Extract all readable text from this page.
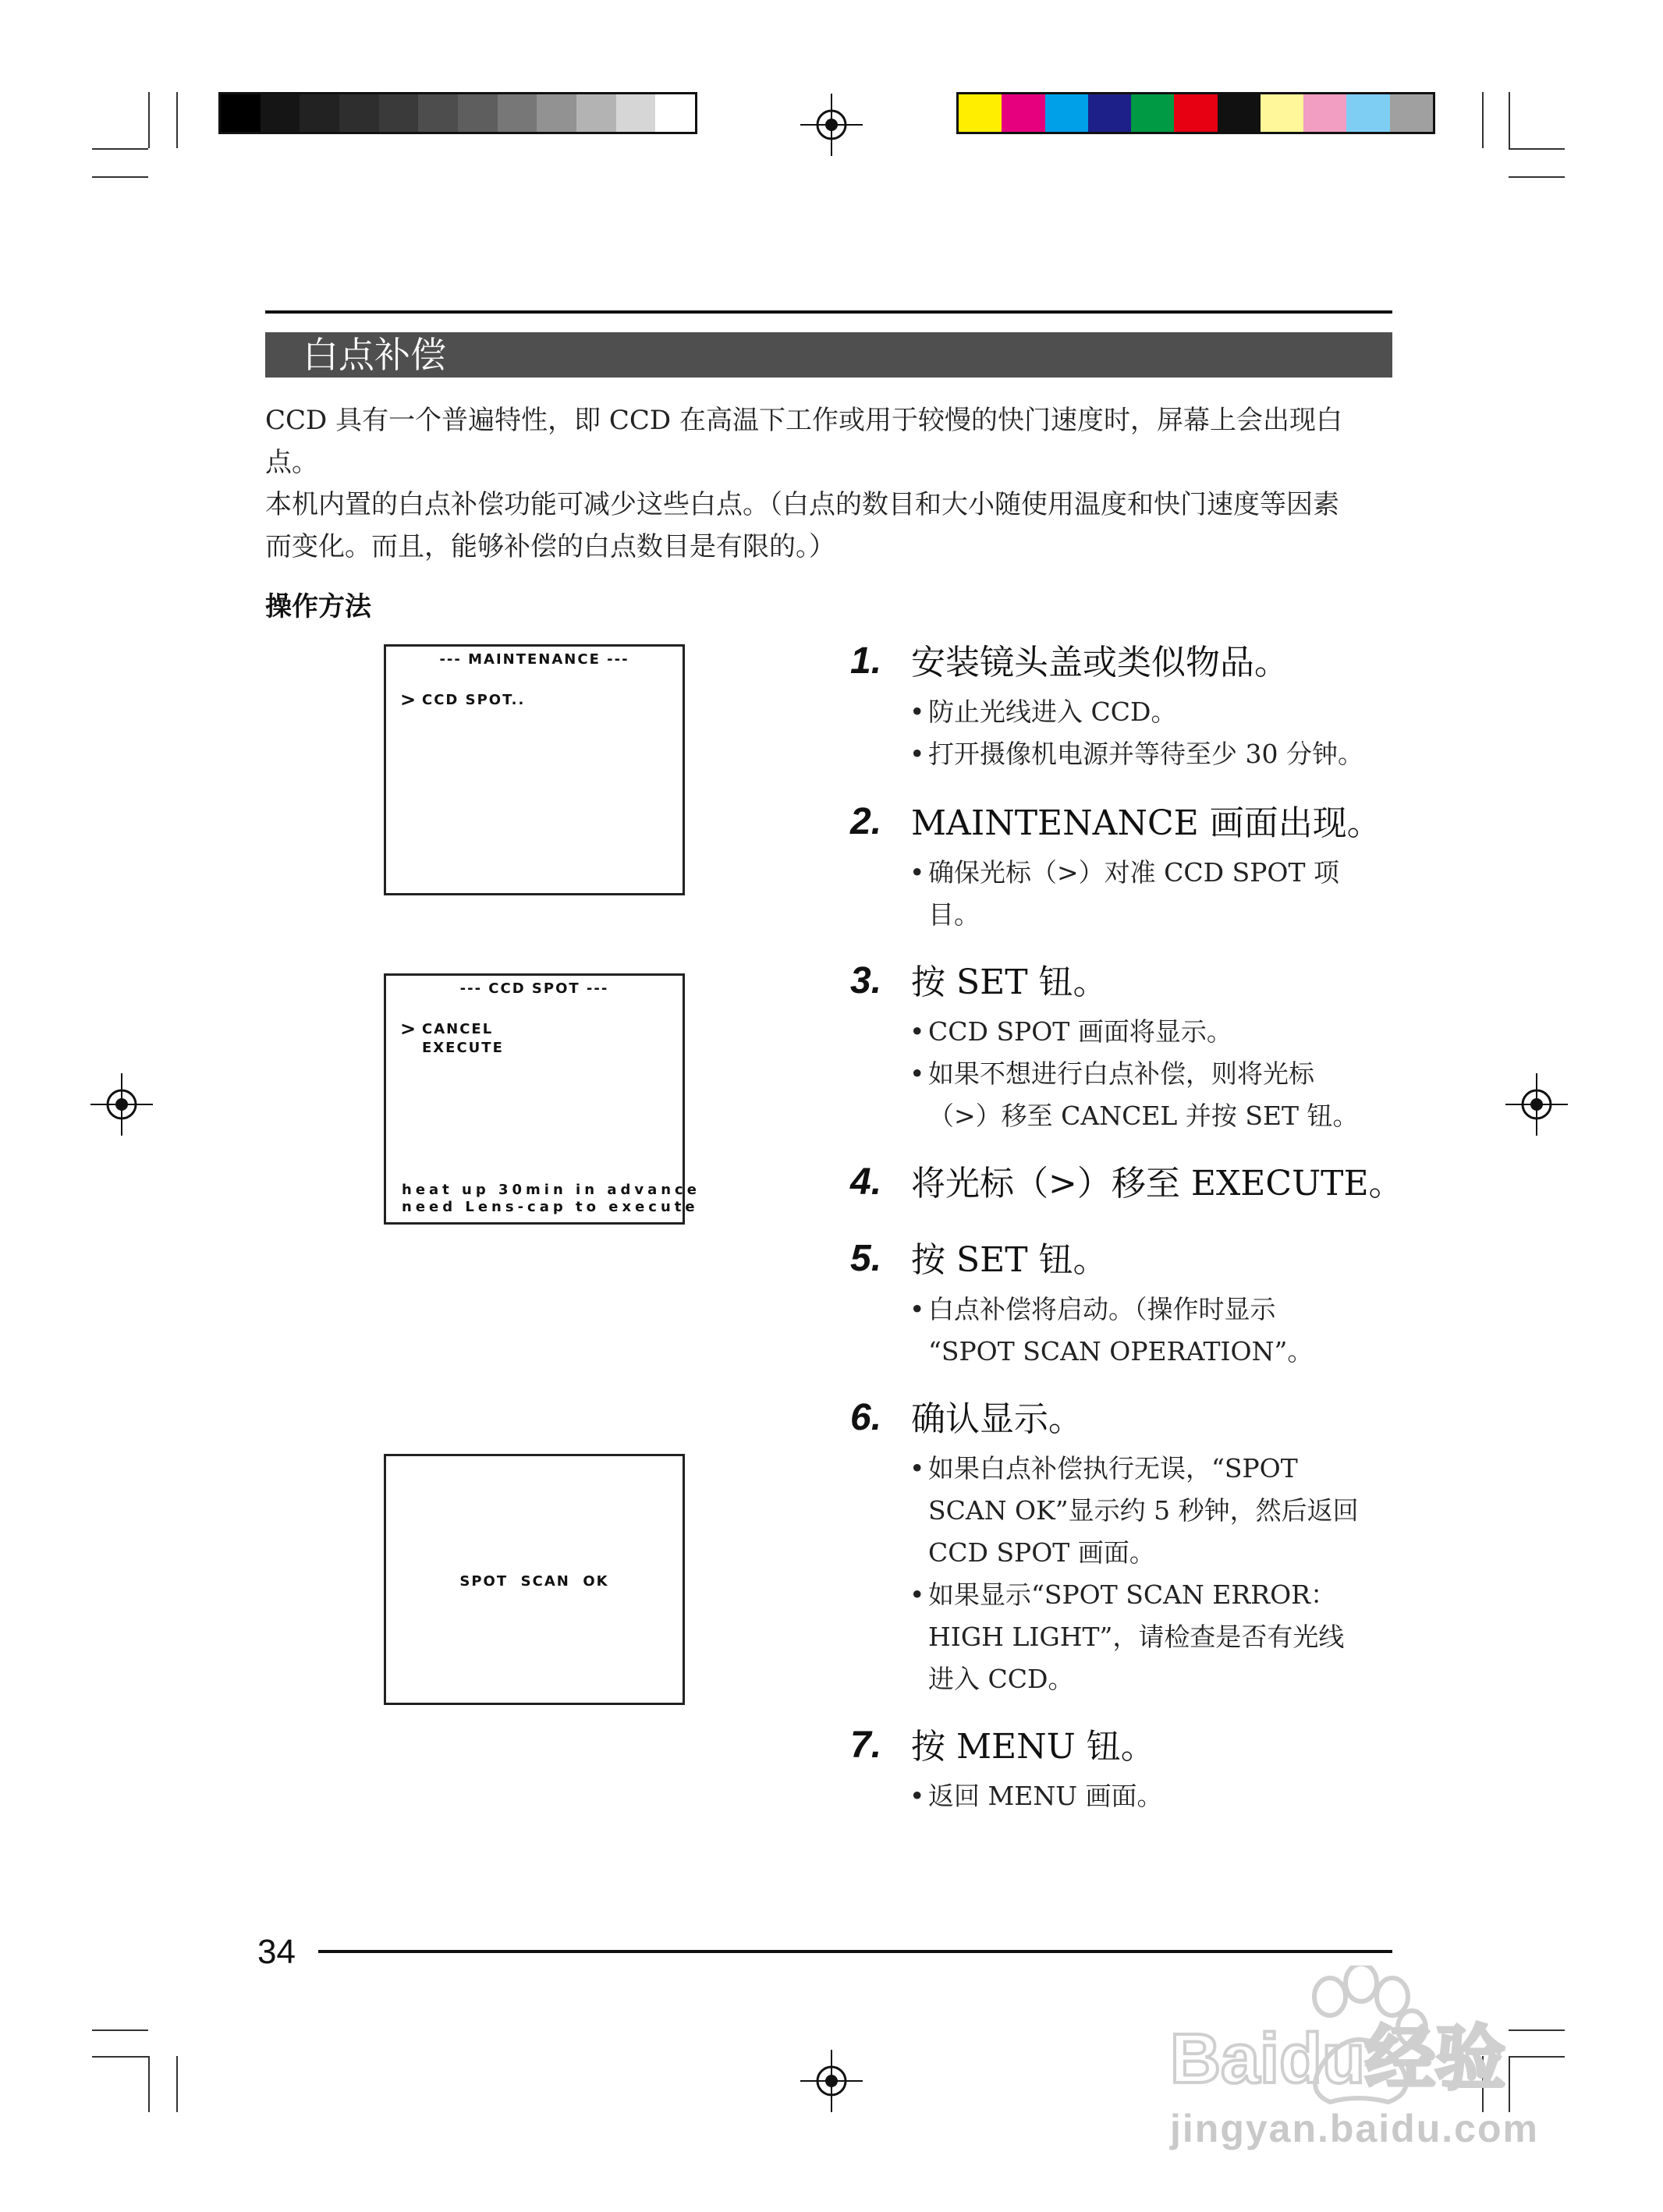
白点补偿
CCD 具有一个普遍特性，即 CCD 在高温下工作或用于较慢的快门速度时，屏幕上会出现白
点。
本机内置的白点补偿功能可减少这些白点。（白点的数目和大小随使用温度和快门速度等因素
而变化。而且，能够补偿的白点数目是有限的。）
操作方法
--- MAINTENANCE ---
> CCD SPOT..
--- CCD SPOT ---
> CANCEL
EXECUTE
heat up 30min in advance
need Lens-cap to execute
SPOT  SCAN  OK
1. 安装镜头盖或类似物品。
• 防止光线进入 CCD。
• 打开摄像机电源并等待至少 30 分钟。
2. MAINTENANCE 画面出现。
• 确保光标（>）对准 CCD SPOT 项
目。
3. 按 SET 钮。
• CCD SPOT 画面将显示。
• 如果不想进行白点补偿，则将光标
（>）移至 CANCEL 并按 SET 钮。
4. 将光标（>）移至 EXECUTE。
5. 按 SET 钮。
• 白点补偿将启动。（操作时显示
“SPOT SCAN OPERATION”。
6. 确认显示。
• 如果白点补偿执行无误，“SPOT
SCAN OK”显示约 5 秒钟，然后返回
CCD SPOT 画面。
• 如果显示“SPOT SCAN ERROR：
HIGH LIGHT”，请检查是否有光线
进入 CCD。
7. 按 MENU 钮。
• 返回 MENU 画面。
34
Baidu经验
jingyan.baidu.com
